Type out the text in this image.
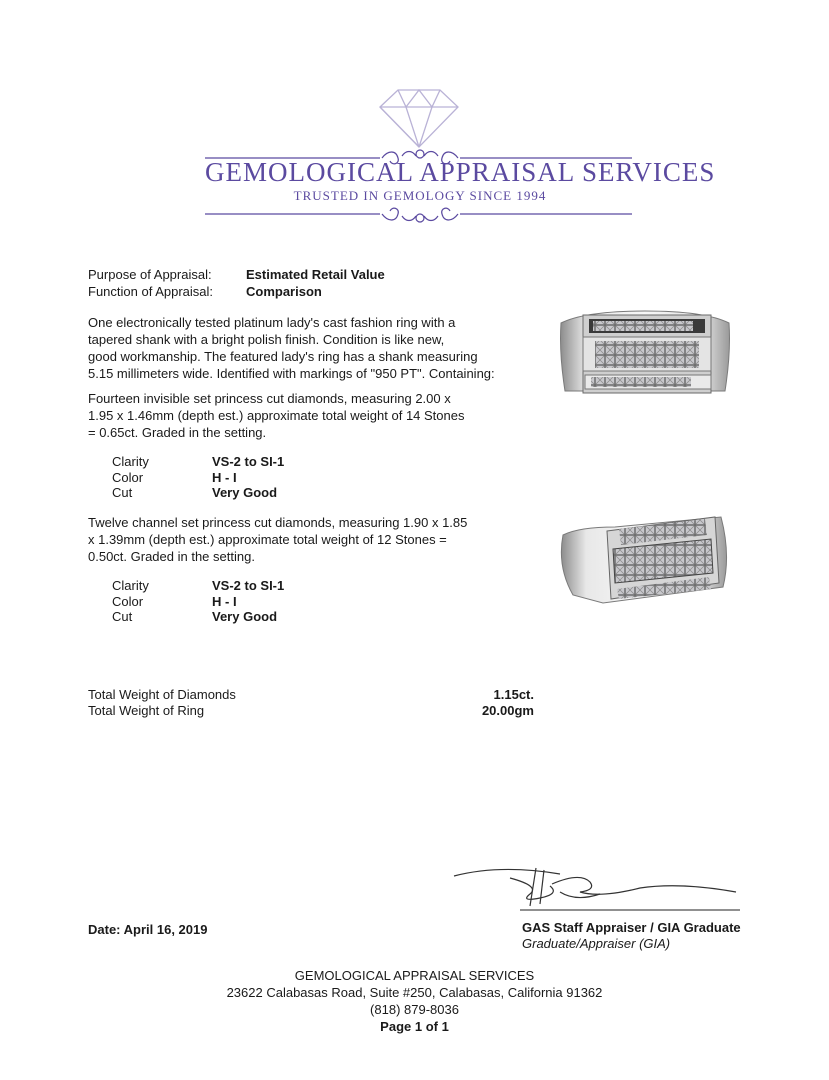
GEMOLOGICAL APPRAISAL SERVICES
TRUSTED IN GEMOLOGY SINCE 1994
Purpose of Appraisal:	Estimated Retail Value
Function of Appraisal:	Comparison
One electronically tested platinum lady's cast fashion ring with a
tapered shank with a bright polish finish. Condition is like new,
good workmanship. The featured lady's ring has a shank measuring
5.15 millimeters wide. Identified with markings of "950 PT". Containing:
Fourteen invisible set princess cut diamonds, measuring 2.00 x
1.95 x 1.46mm (depth est.) approximate total weight of 14 Stones
= 0.65ct. Graded in the setting.
Clarity	VS-2 to SI-1
Color	H - I
Cut	Very Good
Twelve channel set princess cut diamonds, measuring 1.90 x 1.85
x 1.39mm (depth est.) approximate total weight of 12 Stones =
0.50ct. Graded in the setting.
Clarity	VS-2 to SI-1
Color	H - I
Cut	Very Good
Total Weight of Diamonds	1.15ct.
Total Weight of Ring	20.00gm
Date: April 16, 2019	GAS Staff Appraiser / GIA Graduate
Graduate/Appraiser (GIA)
GEMOLOGICAL APPRAISAL SERVICES
23622 Calabasas Road, Suite #250, Calabasas, California 91362
(818) 879-8036
Page 1 of 1
